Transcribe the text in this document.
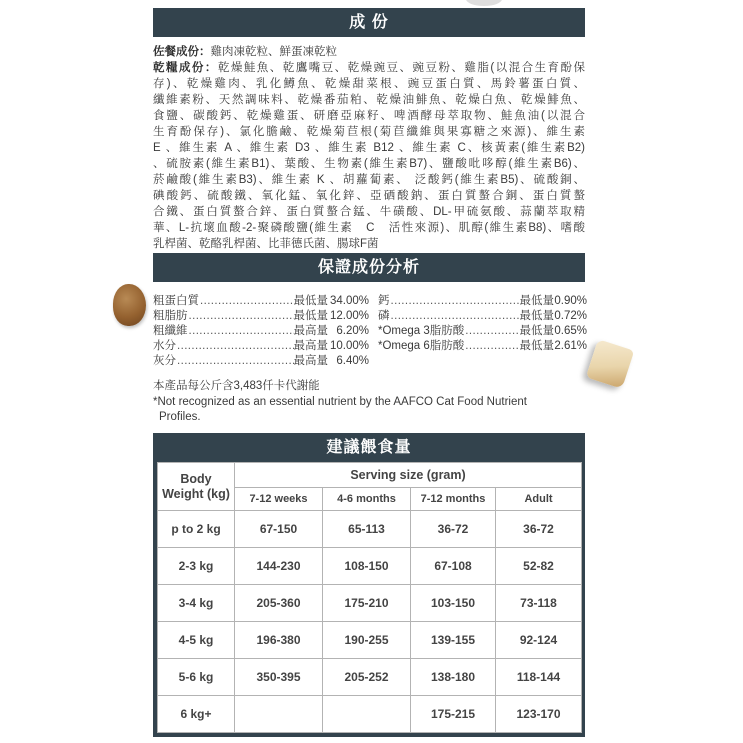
成 份
佐餐成份：雞肉凍乾粒、鮮蛋凍乾粒
乾糧成份：乾燥鮭魚、乾鷹嘴豆、乾燥豌豆、豌豆粉、雞脂(以混合生育酚保
存)、乾燥雞肉、乳化鱒魚、乾燥甜菜根、豌豆蛋白質、馬鈴薯蛋白質、
纖維素粉、天然調味料、乾燥番茄粕、乾燥油鯡魚、乾燥白魚、乾燥鯡魚、
食鹽、碳酸鈣、乾燥雞蛋、研磨亞麻籽、啤酒酵母萃取物、鮭魚油(以混合
生育酚保存)、氯化膽鹼、乾燥菊苣根(菊苣纖維與果寡糖之來源)、維生素
E 、維生素 A 、維生素 D3 、維生素 B12 、維生素 C、核黃素(維生素B2)
、硫胺素(維生素B1)、葉酸、生物素(維生素B7)、鹽酸吡哆醇(維生素B6)、
菸鹼酸(維生素B3)、維生素 K 、胡蘿蔔素、 泛酸鈣(維生素B5)、硫酸銅、
碘酸鈣、硫酸鐵、氧化錳、氧化鋅、亞硒酸鈉、蛋白質螯合銅、蛋白質螯
合鐵、蛋白質螯合鋅、蛋白質螯合錳、牛磺酸、DL-甲硫氨酸、蒜蘭萃取精
華、L-抗壞血酸-2-聚磷酸鹽(維生素　C　活性來源)、肌醇(維生素B8)、嗜酸
乳桿菌、乾酪乳桿菌、比菲德氏菌、腸球F菌
保證成份分析
粗蛋白質 .....	最低量 34.00%
粗脂肪 .....	最低量 12.00%
粗纖維 .....	最高量 6.20%
水分 .....	最高量 10.00%
灰分 .....	最高量 6.40%
鈣 .....	最低量 0.90%
磷 .....	最低量 0.72%
*Omega 3脂肪酸 .....	最低量 0.65%
*Omega 6脂肪酸 .....	最低量 2.61%
本產品每公斤含3,483仟卡代謝能
*Not recognized as an essential nutrient by the AAFCO Cat Food Nutrient
Profiles.
建議餵食量
Body
Weight (kg)	Serving size (gram)			
	7-12 weeks	4-6 months	7-12 months	Adult
p to 2 kg	67-150	65-113	36-72	36-72
2-3 kg	144-230	108-150	67-108	52-82
3-4 kg	205-360	175-210	103-150	73-118
4-5 kg	196-380	190-255	139-155	92-124
5-6 kg	350-395	205-252	138-180	118-144
6 kg+			175-215	123-170
